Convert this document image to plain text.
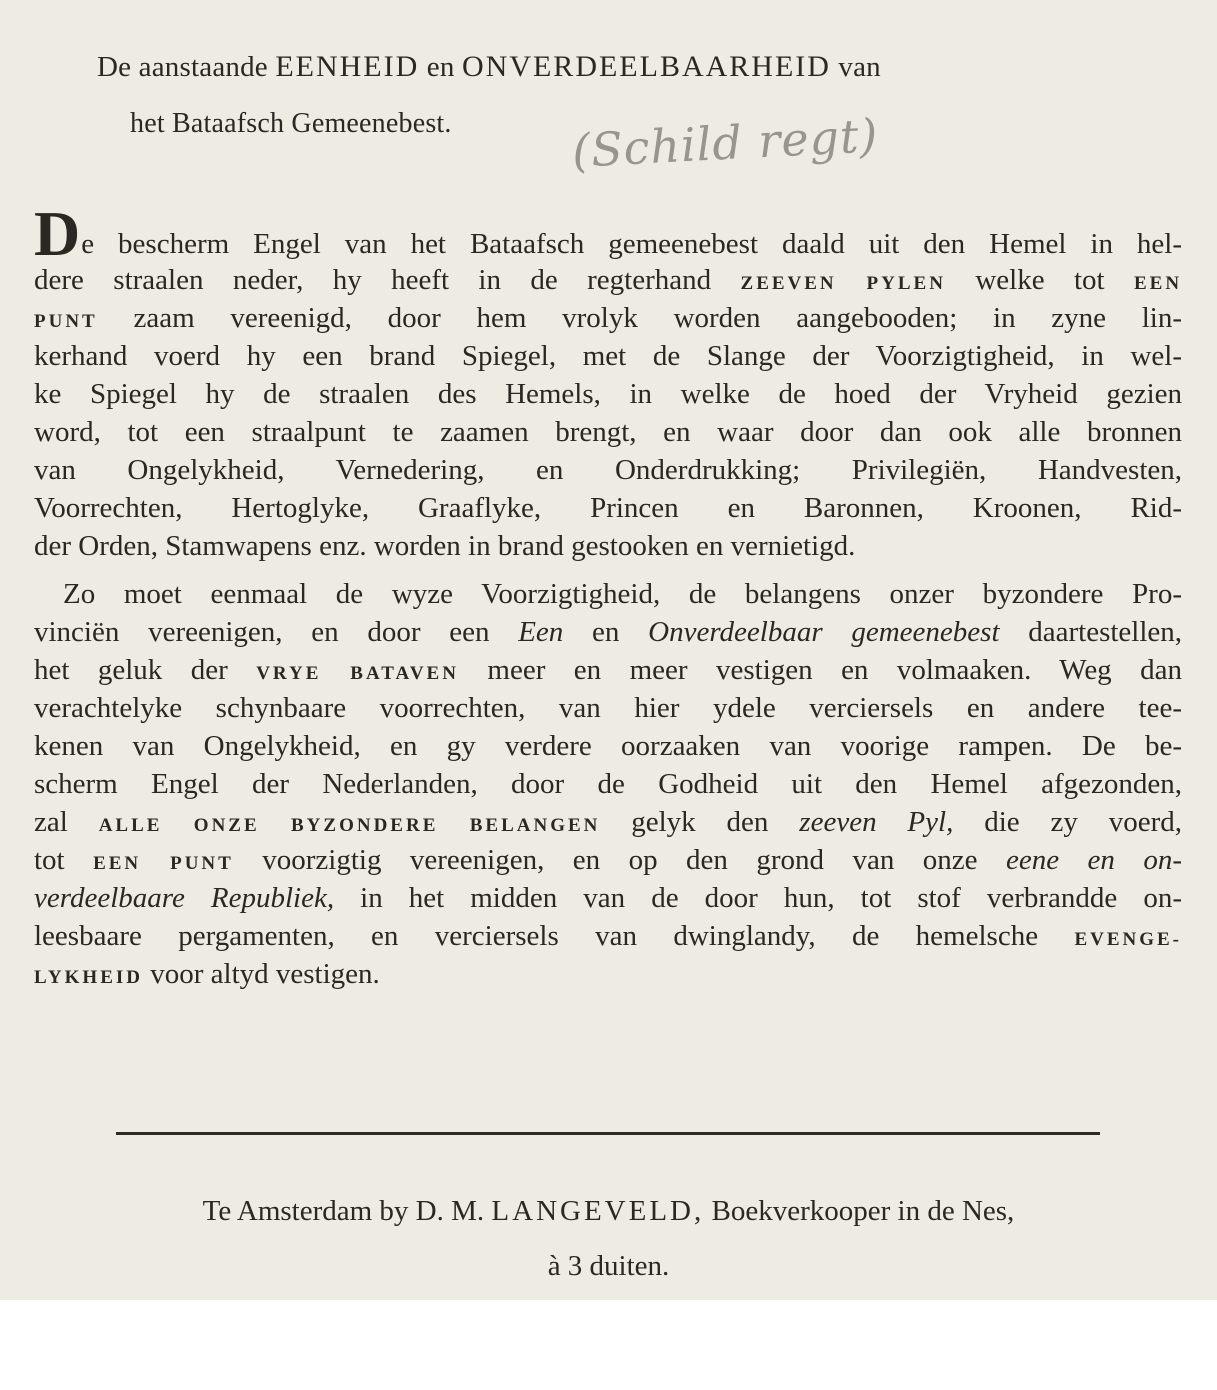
De aanstaande EENHEID en ONVERDEELBAARHEID van
het Bataafsch Gemeenebest.	(Schild regt)
De bescherm Engel van het Bataafsch gemeenebest daald uit den Hemel in hel-
dere straalen neder, hy heeft in de regterhand ZEEVEN PYLEN welke tot EEN
PUNT zaam vereenigd, door hem vrolyk worden aangebooden; in zyne lin-
kerhand voerd hy een brand Spiegel, met de Slange der Voorzigtigheid, in wel-
ke Spiegel hy de straalen des Hemels, in welke de hoed der Vryheid gezien
word, tot een straalpunt te zaamen brengt, en waar door dan ook alle bronnen
van Ongelykheid, Vernedering, en Onderdrukking; Privilegiën, Handvesten,
Voorrechten, Hertoglyke, Graaflyke, Princen en Baronnen, Kroonen, Rid-
der Orden, Stamwapens enz. worden in brand gestooken en vernietigd.
Zo moet eenmaal de wyze Voorzigtigheid, de belangens onzer byzondere Pro-
vinciën vereenigen, en door een Een en Onverdeelbaar gemeenebest daartestellen,
het geluk der VRYE BATAVEN meer en meer vestigen en volmaaken. Weg dan
verachtelyke schynbaare voorrechten, van hier ydele verciersels en andere tee-
kenen van Ongelykheid, en gy verdere oorzaaken van voorige rampen. De be-
scherm Engel der Nederlanden, door de Godheid uit den Hemel afgezonden,
zal ALLE ONZE BYZONDERE BELANGEN gelyk den zeeven Pyl, die zy voerd,
tot EEN PUNT voorzigtig vereenigen, en op den grond van onze eene en on-
verdeelbaare Republiek, in het midden van de door hun, tot stof verbrandde on-
leesbaare pergamenten, en verciersels van dwinglandy, de hemelsche EVENGE-
LYKHEID voor altyd vestigen.
Te Amsterdam by D. M. LANGEVELD, Boekverkooper in de Nes,
à 3 duiten.
